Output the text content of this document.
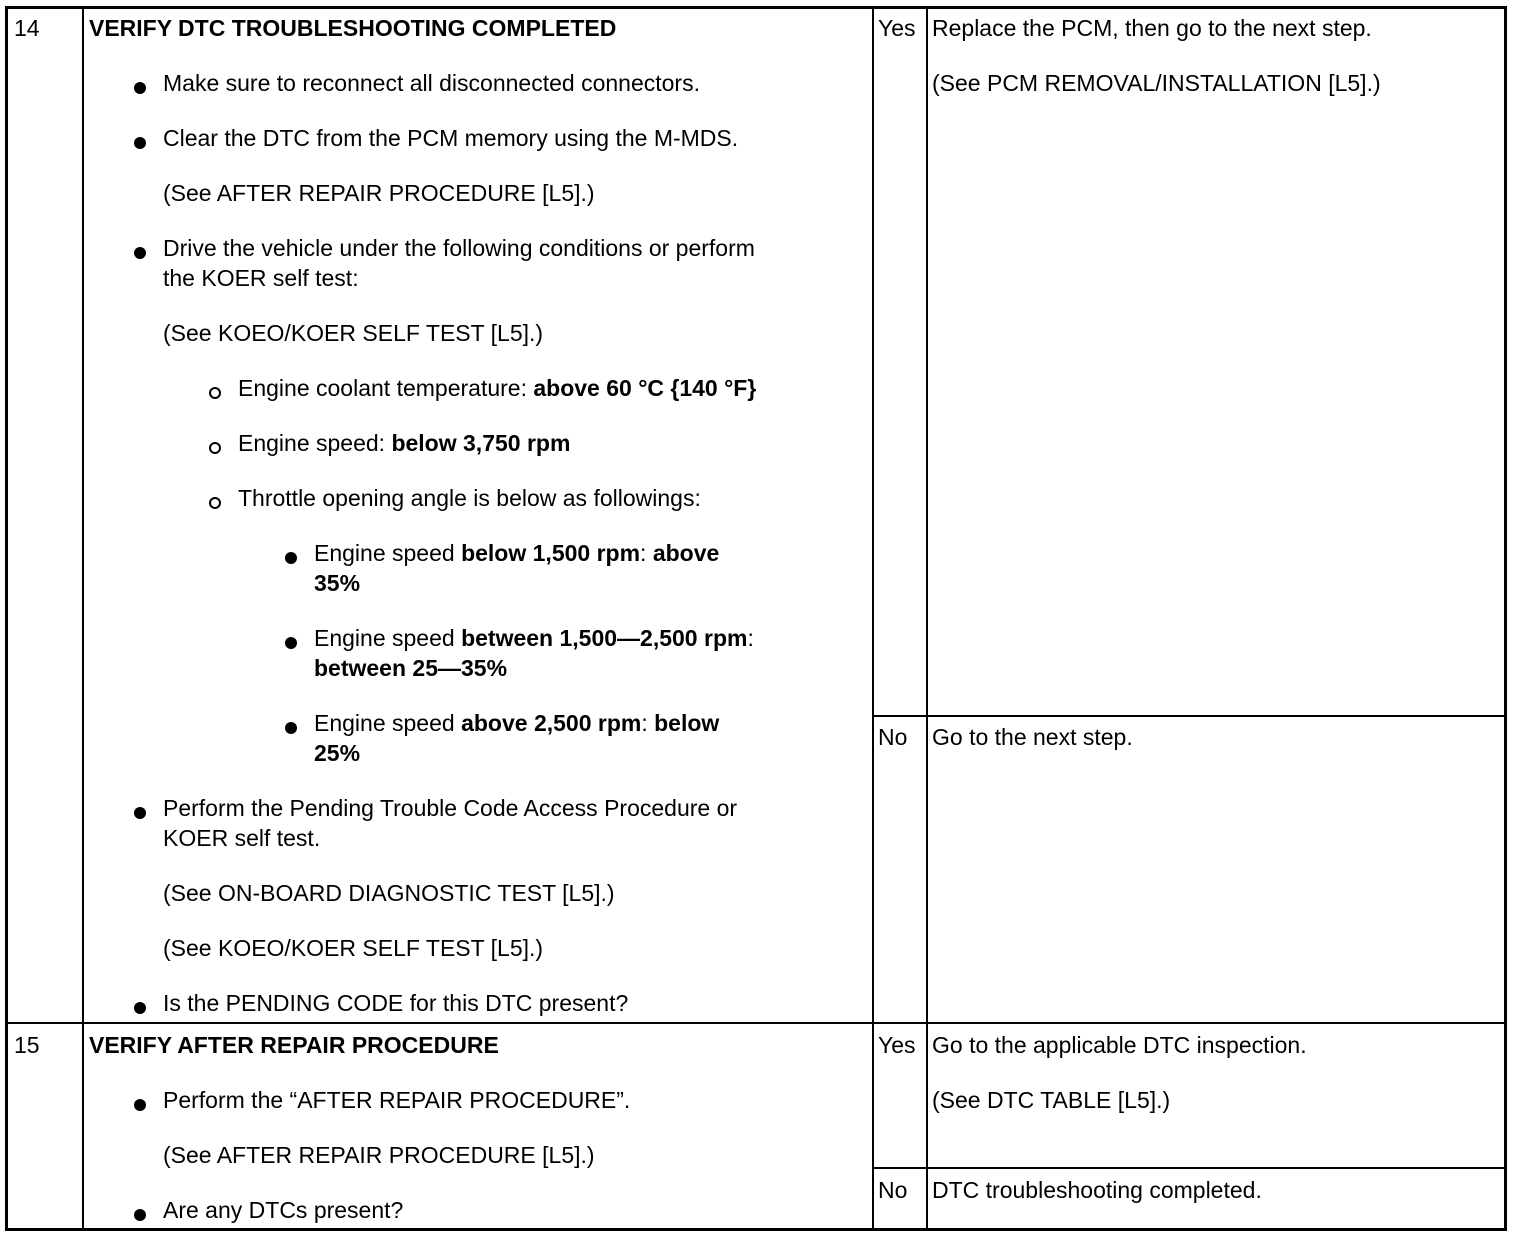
14 VERIFY DTC TROUBLESHOOTING COMPLETED
Make sure to reconnect all disconnected connectors.
Clear the DTC from the PCM memory using the M-MDS.
(See AFTER REPAIR PROCEDURE [L5].)
Drive the vehicle under the following conditions or perform
the KOER self test:
(See KOEO/KOER SELF TEST [L5].)
Engine coolant temperature: above 60 °C {140 °F}
Engine speed: below 3,750 rpm
Throttle opening angle is below as followings:
Engine speed below 1,500 rpm: above
35%
Engine speed between 1,500—2,500 rpm:
between 25—35%
Engine speed above 2,500 rpm: below
25%
Perform the Pending Trouble Code Access Procedure or
KOER self test.
(See ON-BOARD DIAGNOSTIC TEST [L5].)
(See KOEO/KOER SELF TEST [L5].)
Is the PENDING CODE for this DTC present?
Yes Replace the PCM, then go to the next step.
(See PCM REMOVAL/INSTALLATION [L5].)
No Go to the next step.
15 VERIFY AFTER REPAIR PROCEDURE
Perform the “AFTER REPAIR PROCEDURE”.
(See AFTER REPAIR PROCEDURE [L5].)
Are any DTCs present?
Yes Go to the applicable DTC inspection.
(See DTC TABLE [L5].)
No DTC troubleshooting completed.
